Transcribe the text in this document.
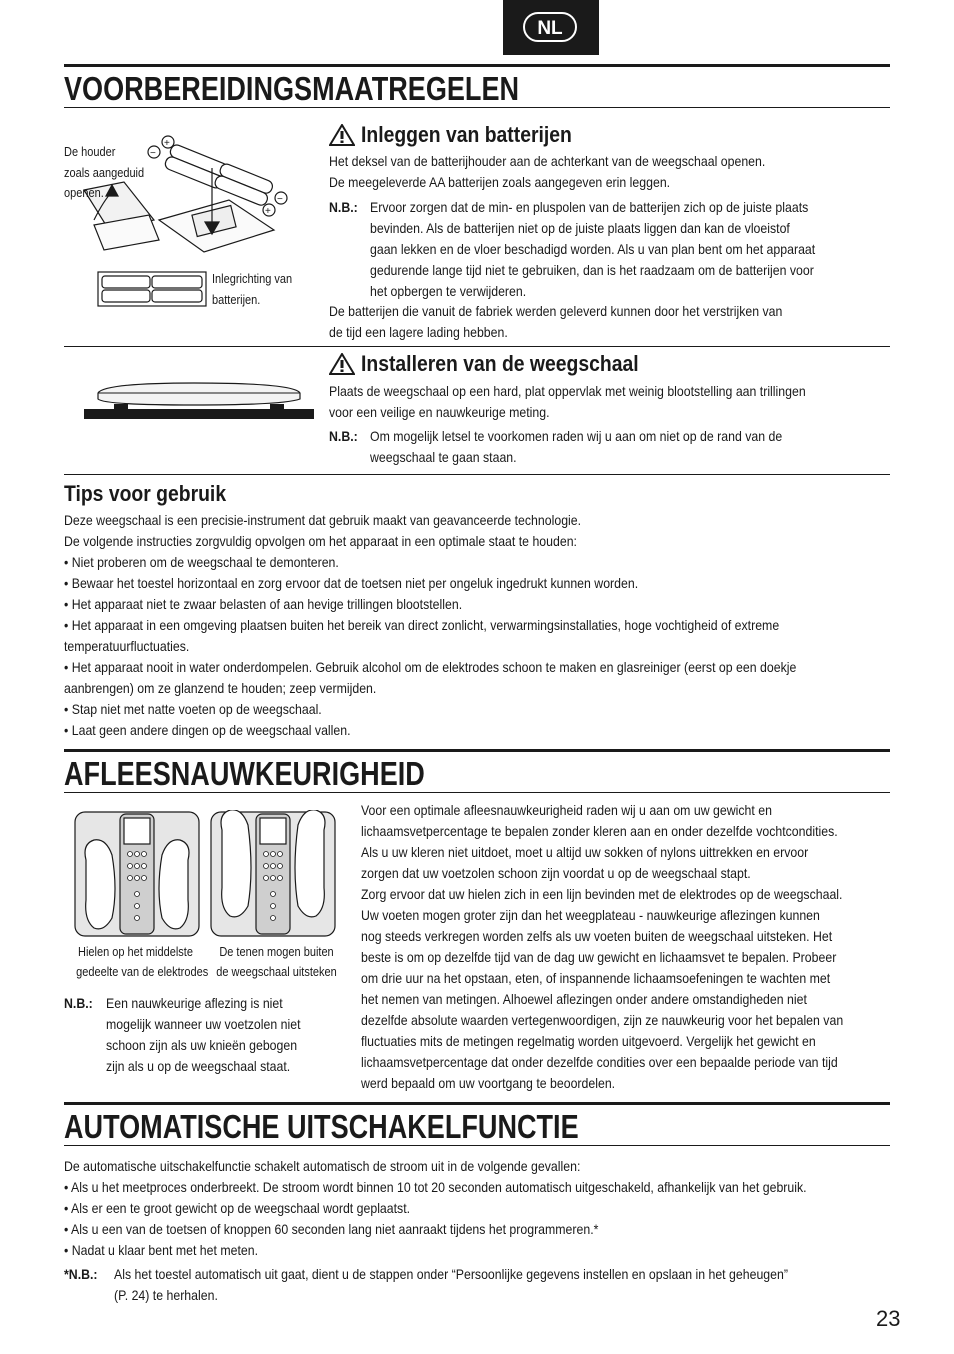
NL
VOORBEREIDINGSMAATREGELEN
+
−
+
−
De houder
zoals aangeduid
openen.
Inlegrichting van
batterijen.
Inleggen van batterijen
Het deksel van de batterijhouder aan de achterkant van de weegschaal openen.
De meegeleverde AA batterijen zoals aangegeven erin leggen.
N.B.: Ervoor zorgen dat de min- en pluspolen van de batterijen zich op de juiste plaats
bevinden. Als de batterijen niet op de juiste plaats liggen dan kan de vloeistof
gaan lekken en de vloer beschadigd worden. Als u van plan bent om het apparaat
gedurende lange tijd niet te gebruiken, dan is het raadzaam om de batterijen voor
het opbergen te verwijderen.
De batterijen die vanuit de fabriek werden geleverd kunnen door het verstrijken van
de tijd een lagere lading hebben.
Installeren van de weegschaal
Plaats de weegschaal op een hard, plat oppervlak met weinig blootstelling aan trillingen
voor een veilige en nauwkeurige meting.
N.B.: Om mogelijk letsel te voorkomen raden wij u aan om niet op de rand van de
weegschaal te gaan staan.
Tips voor gebruik
Deze weegschaal is een precisie-instrument dat gebruik maakt van geavanceerde technologie.
De volgende instructies zorgvuldig opvolgen om het apparaat in een optimale staat te houden:
• Niet proberen om de weegschaal te demonteren.
• Bewaar het toestel horizontaal en zorg ervoor dat de toetsen niet per ongeluk ingedrukt kunnen worden.
• Het apparaat niet te zwaar belasten of aan hevige trillingen blootstellen.
• Het apparaat in een omgeving plaatsen buiten het bereik van direct zonlicht, verwarmingsinstallaties, hoge vochtigheid of extreme
temperatuurfluctuaties.
• Het apparaat nooit in water onderdompelen. Gebruik alcohol om de elektrodes schoon te maken en glasreiniger (eerst op een doekje
aanbrengen) om ze glanzend te houden; zeep vermijden.
• Stap niet met natte voeten op de weegschaal.
• Laat geen andere dingen op de weegschaal vallen.
AFLEESNAUWKEURIGHEID
Hielen op het middelste
gedeelte van de elektrodes
De tenen mogen buiten
de weegschaal uitsteken
N.B.: Een nauwkeurige aflezing is niet
mogelijk wanneer uw voetzolen niet
schoon zijn als uw knieën gebogen
zijn als u op de weegschaal staat.
Voor een optimale afleesnauwkeurigheid raden wij u aan om uw gewicht en
lichaamsvetpercentage te bepalen zonder kleren aan en onder dezelfde vochtcondities.
Als u uw kleren niet uitdoet, moet u altijd uw sokken of nylons uittrekken en ervoor
zorgen dat uw voetzolen schoon zijn voordat u op de weegschaal stapt.
Zorg ervoor dat uw hielen zich in een lijn bevinden met de elektrodes op de weegschaal.
Uw voeten mogen groter zijn dan het weegplateau - nauwkeurige aflezingen kunnen
nog steeds verkregen worden zelfs als uw voeten buiten de weegschaal uitsteken. Het
beste is om op dezelfde tijd van de dag uw gewicht en lichaamsvet te bepalen. Probeer
om drie uur na het opstaan, eten, of inspannende lichaamsoefeningen te wachten met
het nemen van metingen. Alhoewel aflezingen onder andere omstandigheden niet
dezelfde absolute waarden vertegenwoordigen, zijn ze nauwkeurig voor het bepalen van
fluctuaties mits de metingen regelmatig worden uitgevoerd. Vergelijk het gewicht en
lichaamsvetpercentage dat onder dezelfde condities over een bepaalde periode van tijd
werd bepaald om uw voortgang te beoordelen.
AUTOMATISCHE UITSCHAKELFUNCTIE
De automatische uitschakelfunctie schakelt automatisch de stroom uit in de volgende gevallen:
• Als u het meetproces onderbreekt. De stroom wordt binnen 10 tot 20 seconden automatisch uitgeschakeld, afhankelijk van het gebruik.
• Als er een te groot gewicht op de weegschaal wordt geplaatst.
• Als u een van de toetsen of knoppen 60 seconden lang niet aanraakt tijdens het programmeren.*
• Nadat u klaar bent met het meten.
*N.B.: Als het toestel automatisch uit gaat, dient u de stappen onder “Persoonlijke gegevens instellen en opslaan in het geheugen”
(P. 24) te herhalen.
23
